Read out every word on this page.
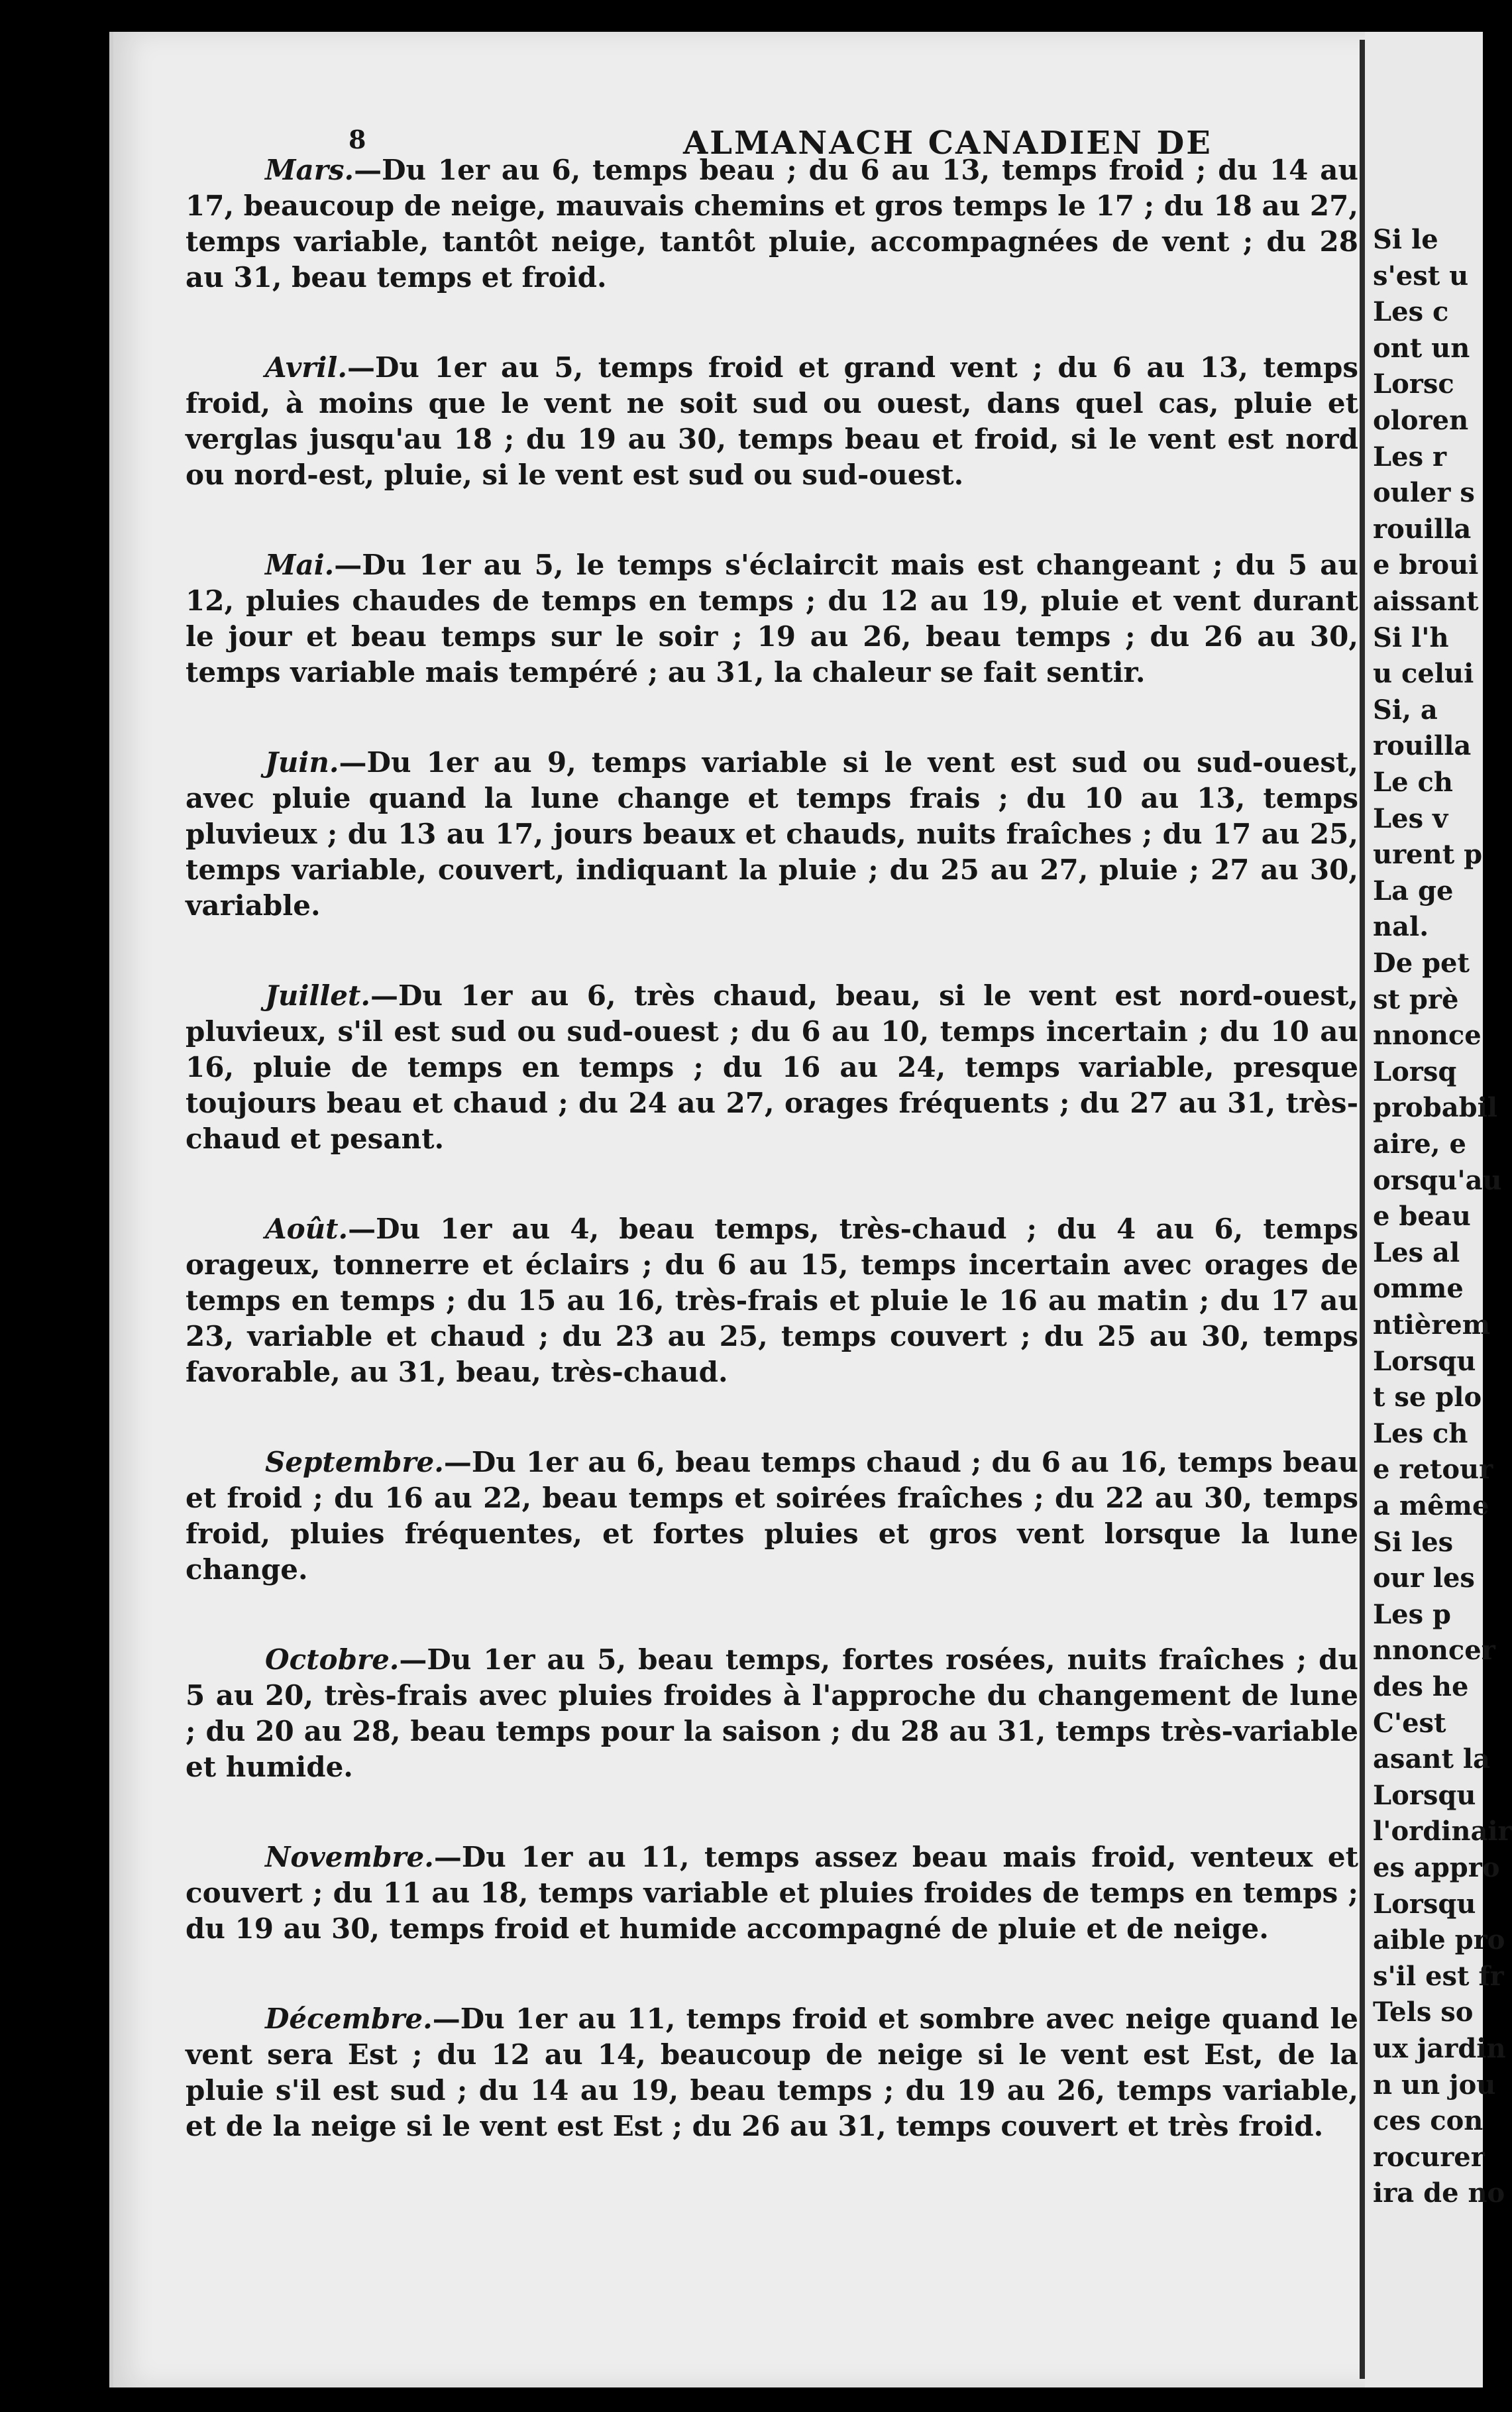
8	ALMANACH CANADIEN DE

Mars.—Du 1er au 6, temps beau ; du 6 au 13, temps froid ; du 14 au 17, beaucoup de neige, mauvais chemins et gros temps le 17 ; du 18 au 27, temps variable, tantôt neige, tantôt pluie, accompagnées de vent ; du 28 au 31, beau temps et froid.

Avril.—Du 1er au 5, temps froid et grand vent ; du 6 au 13, temps froid, à moins que le vent ne soit sud ou ouest, dans quel cas, pluie et verglas jusqu'au 18 ; du 19 au 30, temps beau et froid, si le vent est nord ou nord-est, pluie, si le vent est sud ou sud-ouest.

Mai.—Du 1er au 5, le temps s'éclaircit mais est changeant ; du 5 au 12, pluies chaudes de temps en temps ; du 12 au 19, pluie et vent durant le jour et beau temps sur le soir ; 19 au 26, beau temps ; du 26 au 30, temps variable mais tempéré ; au 31, la chaleur se fait sentir.

Juin.—Du 1er au 9, temps variable si le vent est sud ou sud-ouest, avec pluie quand la lune change et temps frais ; du 10 au 13, temps pluvieux ; du 13 au 17, jours beaux et chauds, nuits fraîches ; du 17 au 25, temps variable, couvert, indiquant la pluie ; du 25 au 27, pluie ; 27 au 30, variable.

Juillet.—Du 1er au 6, très chaud, beau, si le vent est nord-ouest, pluvieux, s'il est sud ou sud-ouest ; du 6 au 10, temps incertain ; du 10 au 16, pluie de temps en temps ; du 16 au 24, temps variable, presque toujours beau et chaud ; du 24 au 27, orages fréquents ; du 27 au 31, très-chaud et pesant.

Août.—Du 1er au 4, beau temps, très-chaud ; du 4 au 6, temps orageux, tonnerre et éclairs ; du 6 au 15, temps incertain avec orages de temps en temps ; du 15 au 16, très-frais et pluie le 16 au matin ; du 17 au 23, variable et chaud ; du 23 au 25, temps couvert ; du 25 au 30, temps favorable, au 31, beau, très-chaud.

Septembre.—Du 1er au 6, beau temps chaud ; du 6 au 16, temps beau et froid ; du 16 au 22, beau temps et soirées fraîches ; du 22 au 30, temps froid, pluies fréquentes, et fortes pluies et gros vent lorsque la lune change.

Octobre.—Du 1er au 5, beau temps, fortes rosées, nuits fraîches ; du 5 au 20, très-frais avec pluies froides à l'approche du changement de lune ; du 20 au 28, beau temps pour la saison ; du 28 au 31, temps très-variable et humide.

Novembre.—Du 1er au 11, temps assez beau mais froid, venteux et couvert ; du 11 au 18, temps variable et pluies froides de temps en temps ; du 19 au 30, temps froid et humide accompagné de pluie et de neige.

Décembre.—Du 1er au 11, temps froid et sombre avec neige quand le vent sera Est ; du 12 au 14, beaucoup de neige si le vent est Est, de la pluie s'il est sud ; du 14 au 19, beau temps ; du 19 au 26, temps variable, et de la neige si le vent est Est ; du 26 au 31, temps couvert et très froid.

Si le
s'est u
Les c
ont un
Lorsc
oloren
Les r
ouler s
rouilla
e broui
aissant
Si l'h
u celui
Si, a
rouilla
Le ch
Les v
urent p
La ge
nal.
De pet
st prè
nnonce
Lorsq
probabil
aire, e
orsqu'au
e beau
Les al
omme
ntièrem
Lorsqu
t se plo
Les ch
e retour
a même
Si les
our les
Les p
nnoncer
des he
C'est
asant la
Lorsqu
l'ordinair
es appro
Lorsqu
aible pro
s'il est fr
Tels so
ux jardin
n un jou
ces con
rocurer
ira de no
